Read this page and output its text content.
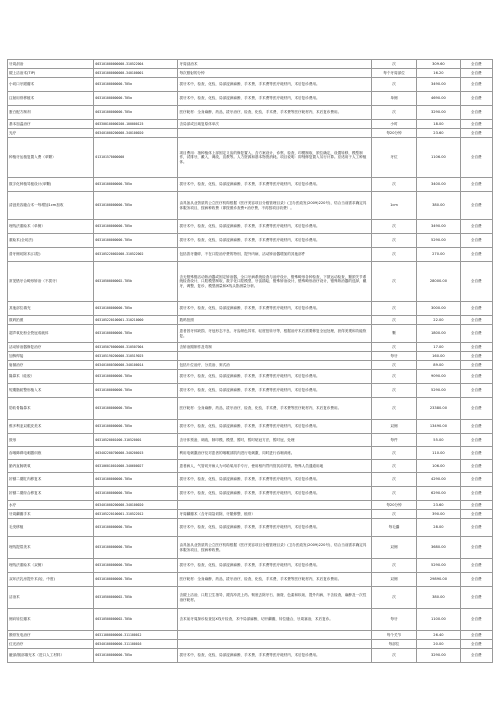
牙周刮治	003101000000000-310522004	牙周刮治术	次	309.60	全自费
龈上洁治术(TIP)	003101000000000-340100001	每次照射的分钟	每个牙周部位	16.20	全自费
小切口牙龈瓣术	00310100000000-T05a	拔牙术中，检查，化验，局部浸润麻醉，手术费，手术费等医疗耗材内，术后复诊费用。	次	3490.00	全自费
注射用骨移植术	00310100000000-T05a	拔牙术中，检查，化验，局部浸润麻醉，手术费，手术费等医疗耗材内，术后复诊费用。	单侧	4690.00	全自费
蛋白配方制剂	00310100000000-T05a	医疗耗材：全身麻醉，药品，拔牙治疗，检查，化验，手术费，手术费等医疗耗材内，术后复诊费用。	次	3290.00	全自费
基本加温治疗	003300100000200-100000125	含局部或区域复原体单次	小时	18.00	全自费
光疗	003401000200000-340100020		每20分钟	23.60	全自费
种植牙运植复置入费（单颗）	013101570000000	项目费用：指种植体上部固定义齿的修复置入，含方案设计，诊察，检查，印模制取，颌位确定，设置转移，模型制作，试排牙，戴入，调改，宣教等。人力资源和基本物资消耗。项目说明：即刻修复置入另行计算。应适用于人工种植体。	牙位	1106.00	全自费
数字化种植导板设计(单颗)	00310100000000-T05a	拔牙术中，检查，化验，局部浸润麻醉，手术费，手术费等医疗耗材内，术后复诊费用。	次	3400.00	全自费
清创美容缝合术一每增加1cm加收	00310100000000-T05a	由具备从业资质的公立医疗机构根据《医疗美容项目分级管理目录》(卫办医政发(2009)220号)，结合当前需求确定具体服务项目，按病种收费（即按照诊查费+治疗费，不再按项目收费）。	1cm	380.00	全自费
埋线法重睑术（单侧）	00310100000000-T05a	拔牙术中，检查，化验，局部浸润麻醉，手术费，手术费等医疗耗材内，术后复诊费用。	次	3490.00	全自费
重睑术(全切法)	00310100000000-T05a	拔牙术中，检查，化验，局部浸润麻醉，手术费，手术费等医疗耗材内，术后复诊费用。	次	5290.00	全自费
普牙侧切除术(口腔)	003105220002000-310522002	包括普牙磨碎，不在口腔治疗费的特别，提外肉病，活动矫治器增加的其他部件	次	270.00	全自费
常见错牙合畸形矫治（不拔牙）	00310500000002-T05b	含无错殊错活动矫治器或固定矫治器，全口牙病系统检查与治疗设计，错殊畸形各种检查，下颌运动检查，颞颌关节系统检查设计，口腔模型制取，数字化口腔模型，牙齿描绘，错殊矫治设计，错殊畸形治疗设计，错殊矫治器的选择，戴牙，调整，复诊，模型测量和X线头影测量分析。	次	28000.00	全自费
其他部位填充	00310100000000-T05a	拔牙术中，检查，化验，局部浸润麻醉，手术费，手术费等医疗耗材内，术后复诊费用。	次	3000.00	全自费
数码拍照	003105220100001-310210000	数码拍照	次	22.00	全自费
超声氧化粉全瓷冠成就体	00310100000000-T05a	患者因牙体缺损、牙冠形态不良、牙齿颜色异常、轻度扭转牙等，根据治疗术后需要修复全冠处理，获得美观和功能恢复。	颗	1800.00	全自费
活动矫治器修复治疗	003105070000000-310507004	含矫治期制作及弯制	次	17.00	全自费
加铸焊接	003105190200000-310519025		每牙	160.00	全自费
射频治疗	003401000300000-340100014	包括片位治疗、分类治、窦式治	次	89.00	全自费
隆鼻术（硅胶）	00310100000000-T05a	拔牙术中，检查，化验，局部浸润麻醉，手术费，手术费等医疗耗材内，术后复诊费用。	次	9090.00	全自费
短期脂肪整形植入术	00310100000000-T05a	拔牙术中，检查，化验，局部浸润麻醉，手术费，手术费等医疗耗材内，术后复诊费用。	次	5290.00	全自费
肋软骨隆鼻术	00310100000000-T05a	医疗耗材：全身麻醉，药品，拔牙治疗，检查，化验，手术费，手术费等医疗耗材内，术后复诊费用。	次	23380.00	全自费
维多利亚双眼皮美术	00310100000000-T05a	拔牙术中，检查，化验，局部浸润麻醉，手术费，手术费等医疗耗材内，术后复诊费用。	双侧	13490.00	全自费
鼓形	00310520001000-310520001	含牙体预备，调改，制印模，模型，暂时，暂时贴冠方法，暂时冠，处理	每件	55.00	全自费
吞咽障碍电刺激训练	003402200700000-340200015	利用电刺激治疗仪对患者的咽喉部肌肉进行电刺激，同时进行吞咽训练。	次	110.00	全自费
胎内直肠吸氧	003106010010000-340600027	患者病人，气管切开病人为可给氧用手专行，使用相内胃内管其前导管。特殊人员通道用地	次	106.00	全自费
折额二期肛肉移复术	00310100000000-T05a	拔牙术中，检查，化验，局部浸润麻醉，手术费，手术费等医疗耗材内，术后复诊费用。	次	4290.00	全自费
折额二期综合移复术	00310100000000-T05a	拔牙术中，检查，化验，局部浸润麻醉，手术费，手术费等医疗耗材内，术后复诊费用。	次	6290.00	全自费
水疗	003401000200000-340100020		每20分钟	23.60	全自费
牙周翻瓣手术	003105220100001-310522012	牙周翻瓣术（含牙周袋切除、牙龈修整、植骨）	次	390.00	全自费
毛发移植	00310100000000-T05a	拔牙术中，检查，化验，局部浸润麻醉，手术费，手术费等医疗耗材内，术后复诊费用。	每毛囊	28.00	全自费
埋线提眉美术	00310100000000-T05a	由具备从业资质的公立医疗机构根据《医疗美容项目分级管理目录》(卫办医政发(2009)220号)，结合当前需求确定具体服务项目，按病种收费。	双侧	3680.00	全自费
埋线法重睑术（双侧）	00310100000000-T05a	拔牙术中，检查，化验，局部浸润麻醉，手术费，手术费等医疗耗材内，术后复诊费用。	次	5290.00	全自费
双环法乳房提升术(轻、中度)	00310100000000-T05a	医疗耗材：全身麻醉，药品，拔牙治疗，检查，化验，手术费，手术费等医疗耗材内，术后复诊费用。	双侧	29890.00	全自费
洁治术	00310500000002-T05b	含龈上洁治，口腔卫生指导，龈沟冲洗上药。彻底去除牙石、菌斑、色素和软垢，提外肉病，不含检查，麻醉及一次性治疗耗材。	次	380.00	全自费
侧向转位瓣术	00310500000002-T05b	含术前牙周探诊检查及X线片检查，术中局部麻醉，切开翻瓣，转位缝合，牙周塞治，术后复诊。	每牙	1100.00	全自费
颞骨发电治疗	00311000000000-311100012		每个关节	26.40	全自费
红光治疗	00340100000000-311100016		每部位	20.00	全自费
腋部/腿部填充术（进口人工材料）	00310100000000-T05a	拔牙术中，检查，化验，局部浸润麻醉，手术费，手术费等医疗耗材内，术后复诊费用。	次	3290.00	全自费
